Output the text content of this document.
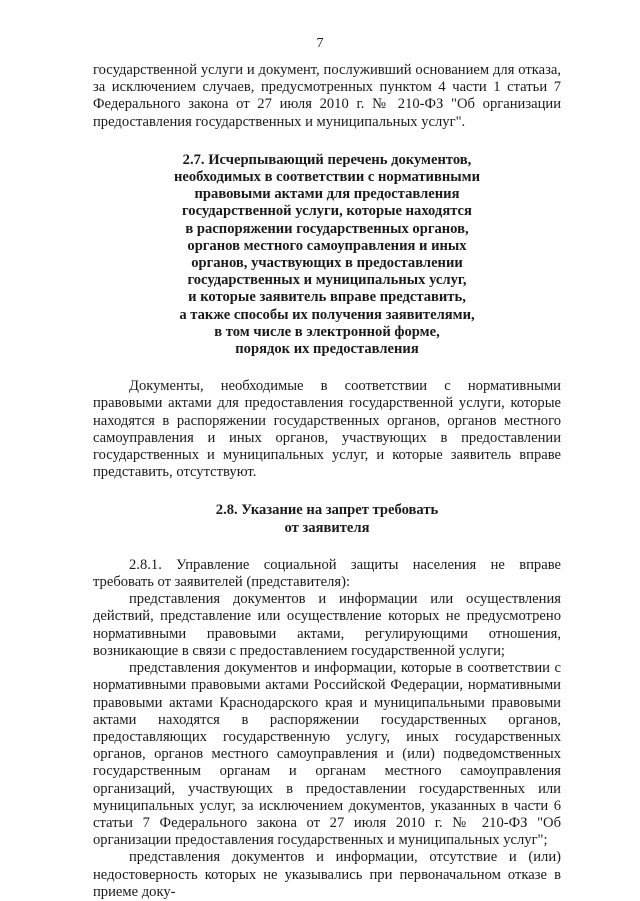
7

государственной услуги и документ, послуживший основанием для отказа, за исключением случаев, предусмотренных пунктом 4 части 1 статьи 7 Федерального закона от 27 июля 2010 г. № 210-ФЗ "Об организации предоставления государственных и муниципальных услуг".

2.7. Исчерпывающий перечень документов,
необходимых в соответствии с нормативными
правовыми актами для предоставления
государственной услуги, которые находятся
в распоряжении государственных органов,
органов местного самоуправления и иных
органов, участвующих в предоставлении
государственных и муниципальных услуг,
и которые заявитель вправе представить,
а также способы их получения заявителями,
в том числе в электронной форме,
порядок их предоставления

Документы, необходимые в соответствии с нормативными правовыми актами для предоставления государственной услуги, которые находятся в распоряжении государственных органов, органов местного самоуправления и иных органов, участвующих в предоставлении государственных и муниципальных услуг, и которые заявитель вправе представить, отсутствуют.

2.8. Указание на запрет требовать
от заявителя

2.8.1. Управление социальной защиты населения не вправе требовать от заявителей (представителя):

представления документов и информации или осуществления действий, представление или осуществление которых не предусмотрено нормативными правовыми актами, регулирующими отношения, возникающие в связи с предоставлением государственной услуги;

представления документов и информации, которые в соответствии с нормативными правовыми актами Российской Федерации, нормативными правовыми актами Краснодарского края и муниципальными правовыми актами находятся в распоряжении государственных органов, предоставляющих государственную услугу, иных государственных органов, органов местного самоуправления и (или) подведомственных государственным органам и органам местного самоуправления организаций, участвующих в предоставлении государственных или муниципальных услуг, за исключением документов, указанных в части 6 статьи 7 Федерального закона от 27 июля 2010 г. № 210-ФЗ "Об организации предоставления государственных и муниципальных услуг";

представления документов и информации, отсутствие и (или) недостоверность которых не указывались при первоначальном отказе в приеме доку-
